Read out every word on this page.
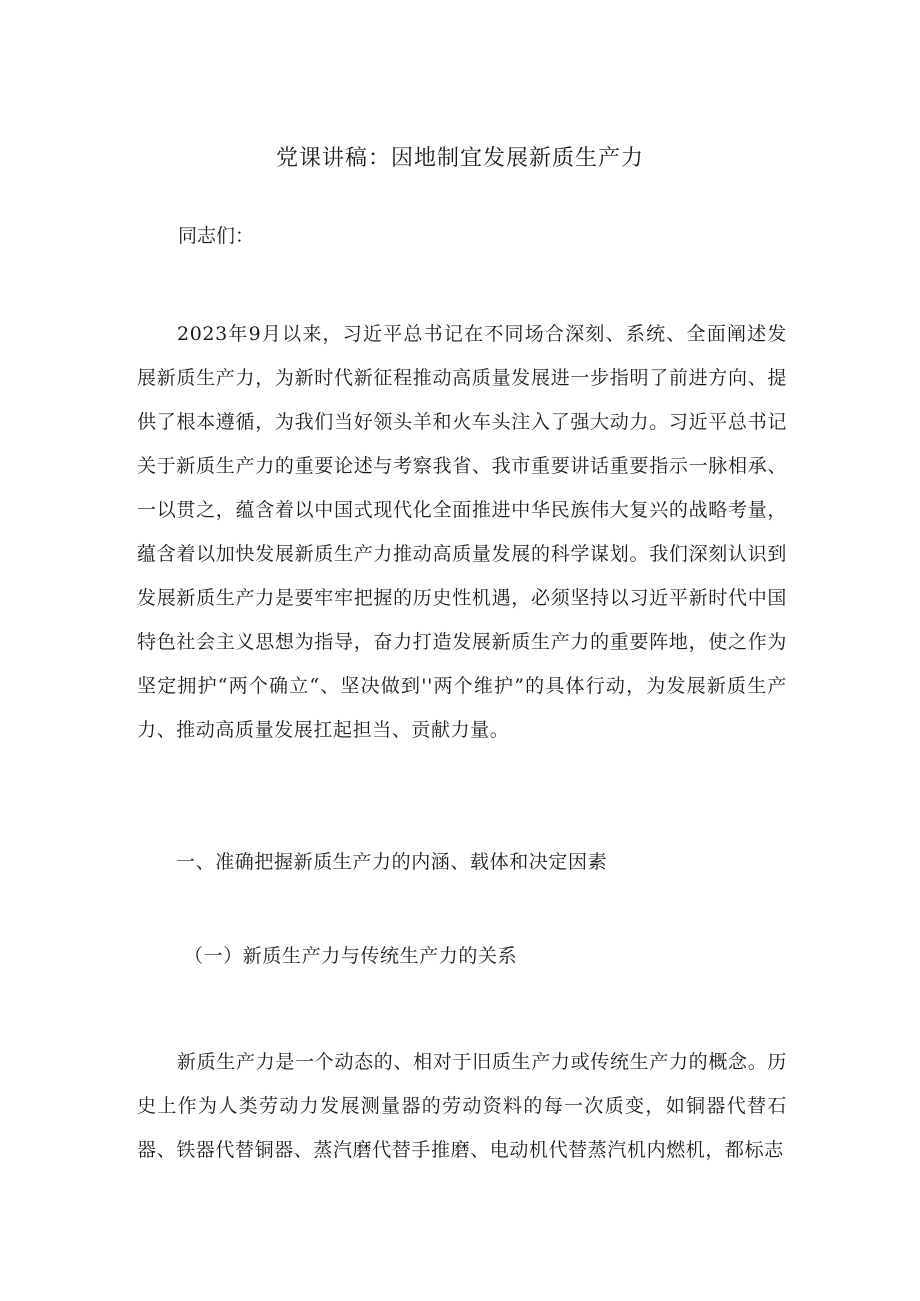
党课讲稿：因地制宜发展新质生产力

同志们：

2023年9月以来，习近平总书记在不同场合深刻、系统、全面阐述发展新质生产力，为新时代新征程推动高质量发展进一步指明了前进方向、提供了根本遵循，为我们当好领头羊和火车头注入了强大动力。习近平总书记关于新质生产力的重要论述与考察我省、我市重要讲话重要指示一脉相承、一以贯之，蕴含着以中国式现代化全面推进中华民族伟大复兴的战略考量，蕴含着以加快发展新质生产力推动高质量发展的科学谋划。我们深刻认识到发展新质生产力是要牢牢把握的历史性机遇，必须坚持以习近平新时代中国特色社会主义思想为指导，奋力打造发展新质生产力的重要阵地，使之作为坚定拥护“两个确立“、坚决做到''两个维护”的具体行动，为发展新质生产力、推动高质量发展扛起担当、贡献力量。

一、准确把握新质生产力的内涵、载体和决定因素
（一）新质生产力与传统生产力的关系

新质生产力是一个动态的、相对于旧质生产力或传统生产力的概念。历史上作为人类劳动力发展测量器的劳动资料的每一次质变，如铜器代替石器、铁器代替铜器、蒸汽磨代替手推磨、电动机代替蒸汽机内燃机，都标志
